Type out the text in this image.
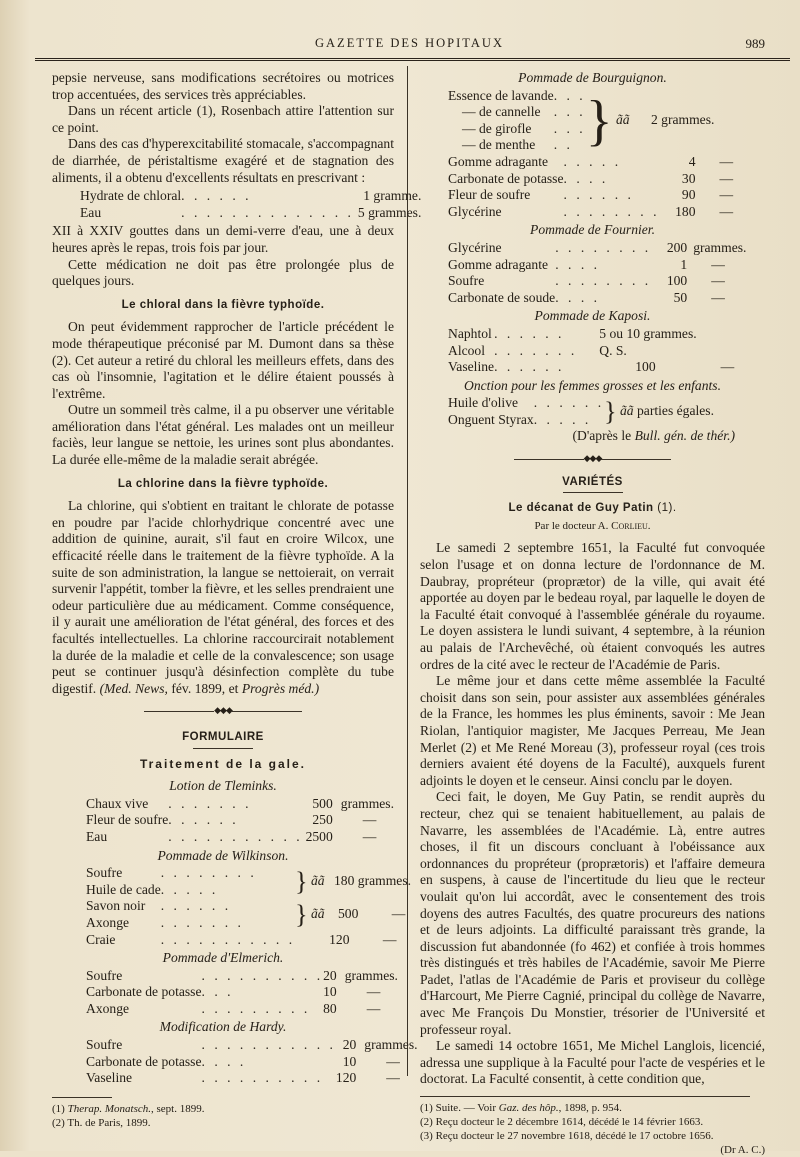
GAZETTE DES HOPITAUX	989

pepsie nerveuse, sans modifications secrétoires ou motrices trop accentuées, des services très appréciables.

Dans un récent article (1), Rosenbach attire l'attention sur ce point.

Dans des cas d'hyperexcitabilité stomacale, s'accompagnant de diarrhée, de péristaltisme exagéré et de stagnation des aliments, il a obtenu d'excellents résultats en prescrivant :

Hydrate de chloral	. . . . . .	1 gramme.
Eau	. . . . . . . . . . . . . .	5 grammes.

XII à XXIV gouttes dans un demi-verre d'eau, une à deux heures après le repas, trois fois par jour.

Cette médication ne doit pas être prolongée plus de quelques jours.

Le chloral dans la fièvre typhoïde.

On peut évidemment rapprocher de l'article précédent le mode thérapeutique préconisé par M. Dumont dans sa thèse (2). Cet auteur a retiré du chloral les meilleurs effets, dans des cas où l'insomnie, l'agitation et le délire étaient poussés à l'extrême.

Outre un sommeil très calme, il a pu observer une véritable amélioration dans l'état général. Les malades ont un meilleur faciès, leur langue se nettoie, les urines sont plus abondantes. La durée elle-même de la maladie serait abrégée.

La chlorine dans la fièvre typhoïde.

La chlorine, qui s'obtient en traitant le chlorate de potasse en poudre par l'acide chlorhydrique concentré avec une addition de quinine, aurait, s'il faut en croire Wilcox, une efficacité réelle dans le traitement de la fièvre typhoïde. A la suite de son administration, la langue se nettoierait, on verrait survenir l'appétit, tomber la fièvre, et les selles prendraient une odeur particulière due au médicament. Comme conséquence, il y aurait une amélioration de l'état général, des forces et des facultés intellectuelles. La chlorine raccourcirait notablement la durée de la maladie et celle de la convalescence; son usage peut se continuer jusqu'à désinfection complète du tube digestif. (Med. News, fév. 1899, et Progrès méd.)

◆◆◆
FORMULAIRE
Traitement de la gale.
Lotion de Tleminks.
Chaux vive	. . . . . . .	500	grammes.
Fleur de soufre	. . . . . .	250	—
Eau	. . . . . . . . . . .	2500	—
Pommade de Wilkinson.
Soufre	. . . . . . . .	} ãã 180 grammes.
Huile de cade	. . . . .	
Savon noir	. . . . . .	} ãã 500 —
Axonge	. . . . . . .	
Craie	. . . . . . . . . . .	120 —
Pommade d'Elmerich.
Soufre	. . . . . . . . . .	20	grammes.
Carbonate de potasse	. . .	10	—
Axonge	. . . . . . . . .	80	—
Modification de Hardy.
Soufre	. . . . . . . . . . .	20	grammes.
Carbonate de potasse	. . . .	10	—
Vaseline	. . . . . . . . . .	120	—
(1) Therap. Monatsch., sept. 1899.
(2) Th. de Paris, 1899.
Pommade de Bourguignon.
Essence de lavande	. . .	} ãã 2 grammes.
— de cannelle	. . .	
— de girofle	. . .	
— de menthe	. .	
Gomme adragante	. . . . .	4	—
Carbonate de potasse	. . . .	30	—
Fleur de soufre	. . . . . .	90	—
Glycérine	. . . . . . . .	180	—
Pommade de Fournier.
Glycérine	. . . . . . . .	200	grammes.
Gomme adragante	. . . .	1	—
Soufre	. . . . . . . .	100	—
Carbonate de soude	. . . .	50	—
Pommade de Kaposi.
Naphtol	. . . . . .	5 ou 10 grammes.	
Alcool	. . . . . . .	Q. S.	
Vaseline	. . . . . .	100	—
Onction pour les femmes grosses et les enfants.
Huile d'olive	. . . . . .	} ãã parties égales.
Onguent Styrax	. . . . .	
(D'après le Bull. gén. de thér.)
◆◆◆
VARIÉTÉS
Le décanat de Guy Patin (1).
Par le docteur A. Corlieu.

Le samedi 2 septembre 1651, la Faculté fut convoquée selon l'usage et on donna lecture de l'ordonnance de M. Daubray, propréteur (proprætor) de la ville, qui avait été apportée au doyen par le bedeau royal, par laquelle le doyen de la Faculté était convoqué à l'assemblée générale du royaume. Le doyen assistera le lundi suivant, 4 septembre, à la réunion au palais de l'Archevêché, où étaient convoqués les autres ordres de la cité avec le recteur de l'Académie de Paris.

Le même jour et dans cette même assemblée la Faculté choisit dans son sein, pour assister aux assemblées générales de la France, les hommes les plus éminents, savoir : Me Jean Riolan, l'antiquior magister, Me Jacques Perreau, Me Jean Merlet (2) et Me René Moreau (3), professeur royal (ces trois derniers avaient été doyens de la Faculté), auxquels furent adjoints le doyen et le censeur. Ainsi conclu par le doyen.

Ceci fait, le doyen, Me Guy Patin, se rendit auprès du recteur, chez qui se tenaient habituellement, au palais de Navarre, les assemblées de l'Académie. Là, entre autres choses, il fit un discours concluant à l'obéissance aux ordonnances du propréteur (proprætoris) et l'affaire demeura en suspens, à cause de l'incertitude du lieu que le recteur voulait qu'on lui accordât, avec le consentement des trois doyens des autres Facultés, des quatre procureurs des nations et de leurs adjoints. La difficulté paraissant très grande, la discussion fut abandonnée (fo 462) et confiée à trois hommes très distingués et très habiles de l'Académie, savoir Me Pierre Padet, l'atlas de l'Académie de Paris et proviseur du collège d'Harcourt, Me Pierre Cagnié, principal du collège de Navarre, avec Me François Du Monstier, trésorier de l'Université et professeur royal.

Le samedi 14 octobre 1651, Me Michel Langlois, licencié, adressa une supplique à la Faculté pour l'acte de vespéries et le doctorat. La Faculté consentit, à cette condition que,

(1) Suite. — Voir Gaz. des hôp., 1898, p. 954.
(2) Reçu docteur le 2 décembre 1614, décédé le 14 février 1663.
(3) Reçu docteur le 27 novembre 1618, décédé le 17 octobre 1656.
(Dr A. C.)
